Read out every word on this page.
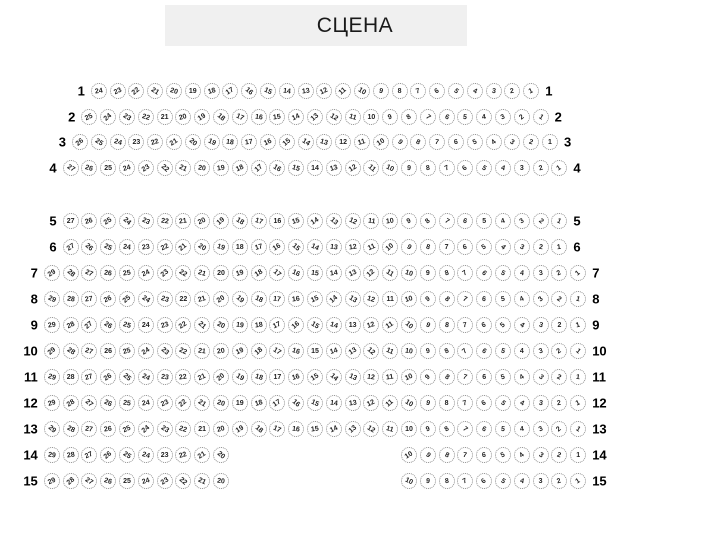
СЦЕНА
1	1
24 23 22 21 20 19 18 17 16 15 14 13 12 11 10 9 8 7 6 5 4 3 2 1
2	2
25 24 23 22 21 20 19 18 17 16 15 14 13 12 11 10 9 8 7 6 5 4 3 2 1
3	3
26 25 24 23 22 21 20 19 18 17 16 15 14 13 12 11 10 9 8 7 6 5 4 3 2 1
4	4
27 26 25 24 23 22 21 20 19 18 17 16 15 14 13 12 11 10 9 8 7 6 5 4 3 2 1
5	5
27 26 25 24 23 22 21 20 19 18 17 16 15 14 13 12 11 10 9 8 7 6 5 4 3 2 1
6	6
27 26 25 24 23 22 21 20 19 18 17 16 15 14 13 12 11 10 9 8 7 6 5 4 3 2 1
7	7
29 28 27 26 25 24 23 22 21 20 19 18 17 16 15 14 13 12 11 10 9 8 7 6 5 4 3 2 1
8	8
29 28 27 26 25 24 23 22 21 20 19 18 17 16 15 14 13 12 11 10 9 8 7 6 5 4 3 2 1
9	9
29 28 27 26 25 24 23 22 21 20 19 18 17 16 15 14 13 12 11 10 9 8 7 6 5 4 3 2 1
10	10
29 28 27 26 25 24 23 22 21 20 19 18 17 16 15 14 13 12 11 10 9 8 7 6 5 4 3 2 1
11	11
29 28 27 26 25 24 23 22 21 20 19 18 17 16 15 14 13 12 11 10 9 8 7 6 5 4 3 2 1
12	12
29 28 27 26 25 24 23 22 21 20 19 18 17 16 15 14 13 12 11 10 9 8 7 6 5 4 3 2 1
13	13
29 28 27 26 25 24 23 22 21 20 19 18 17 16 15 14 13 12 11 10 9 8 7 6 5 4 3 2 1
14	14
29 28 27 26 25 24 23 22 21 20	10 9 8 7 6 5 4 3 2 1
15	15
29 28 27 26 25 24 23 22 21 20	10 9 8 7 6 5 4 3 2 1
